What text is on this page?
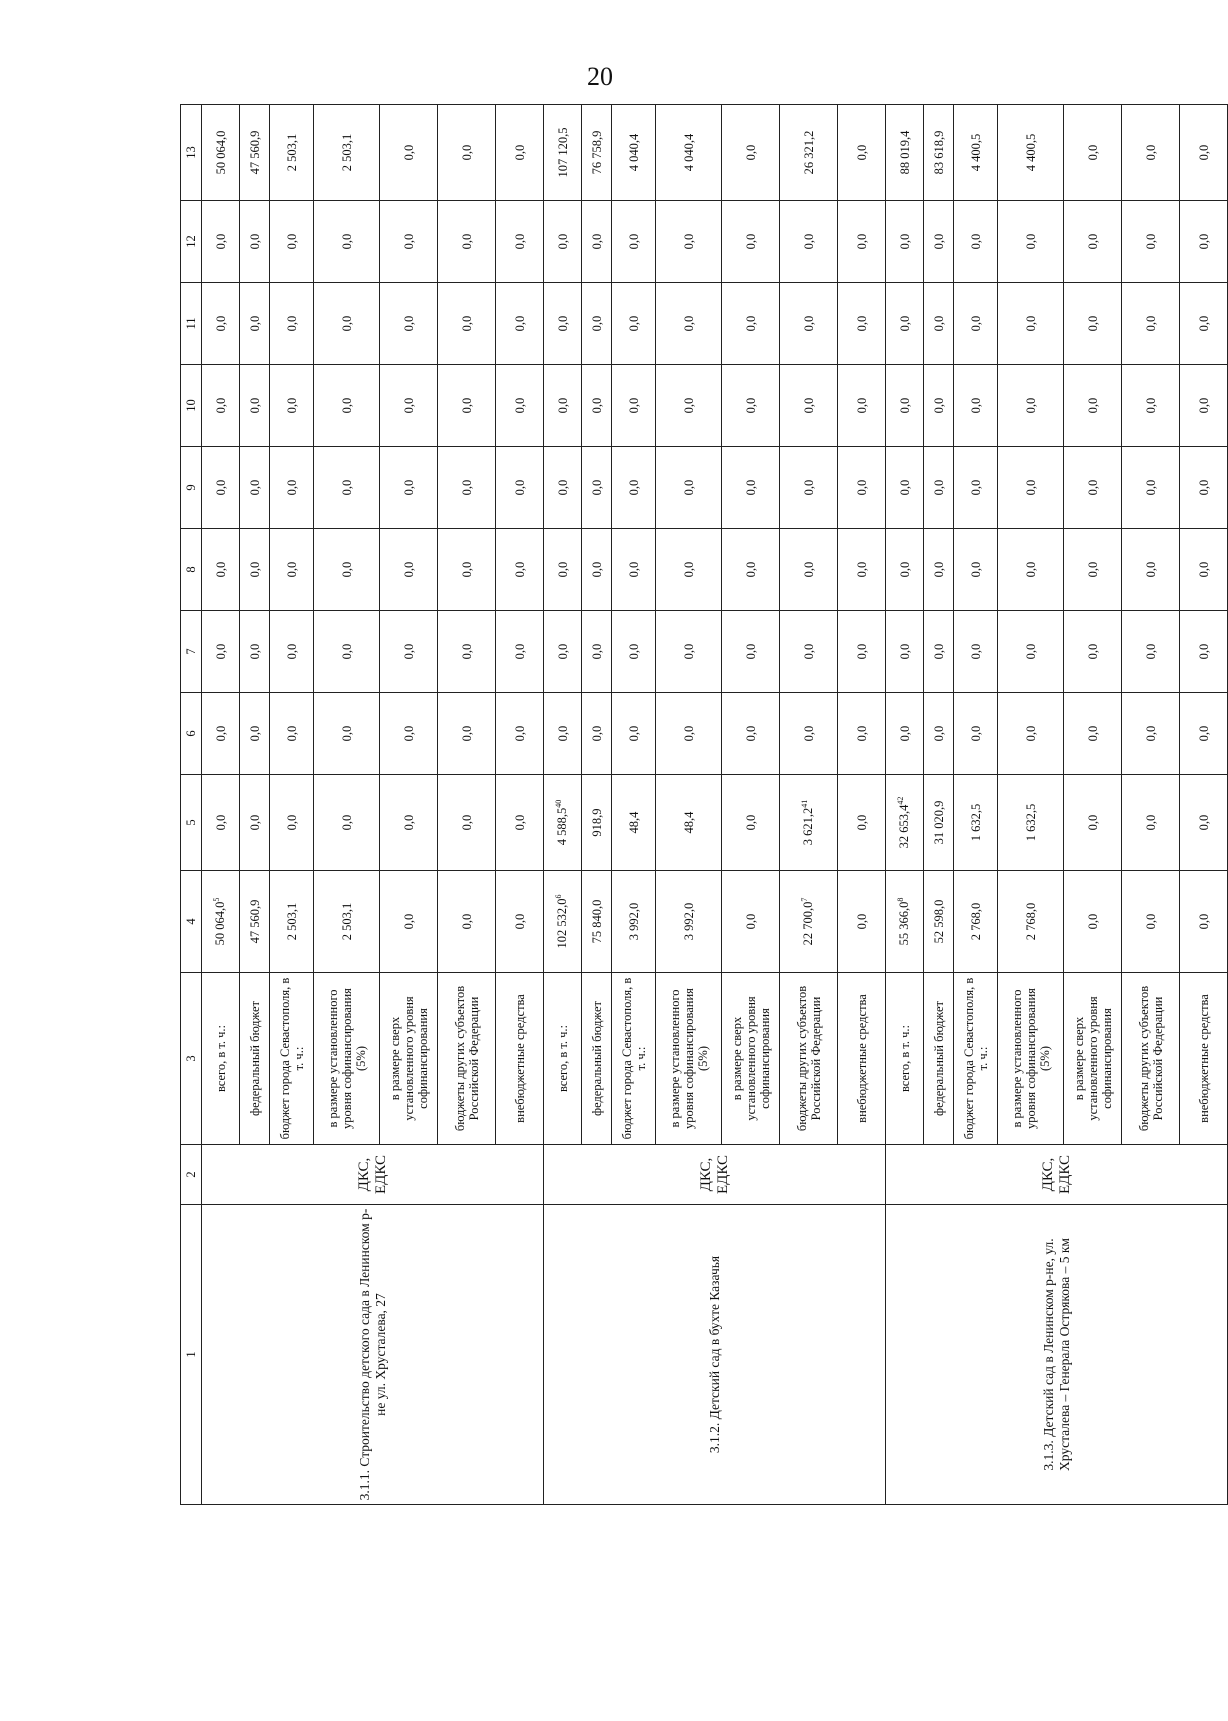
20
1	2	3	4	5	6	7	8	9	10	11	12	13
3.1.1. Строительство детского сада в Ленинском р-не ул. Хрусталева, 27	ДКС, ЕДКС	всего, в т. ч.:	50 064,0$^5$	0,0	0,0	0,0	0,0	0,0	0,0	0,0	0,0	50 064,0
		федеральный бюджет	47 560,9	0,0	0,0	0,0	0,0	0,0	0,0	0,0	0,0	47 560,9
		бюджет города Севастополя, в т. ч.:	2 503,1	0,0	0,0	0,0	0,0	0,0	0,0	0,0	0,0	2 503,1
		в размере установленного уровня софинансирования (5%)	2 503,1	0,0	0,0	0,0	0,0	0,0	0,0	0,0	0,0	2 503,1
		в размере сверх установленного уровня софинансирования	0,0	0,0	0,0	0,0	0,0	0,0	0,0	0,0	0,0	0,0
		бюджеты других субъектов Российской Федерации	0,0	0,0	0,0	0,0	0,0	0,0	0,0	0,0	0,0	0,0
		внебюджетные средства	0,0	0,0	0,0	0,0	0,0	0,0	0,0	0,0	0,0	0,0
3.1.2. Детский сад в бухте Казачья	ДКС, ЕДКС	всего, в т. ч.:	102 532,0$^6$	4 588,5$^{40}$	0,0	0,0	0,0	0,0	0,0	0,0	0,0	107 120,5
		федеральный бюджет	75 840,0	918,9	0,0	0,0	0,0	0,0	0,0	0,0	0,0	76 758,9
		бюджет города Севастополя, в т. ч.:	3 992,0	48,4	0,0	0,0	0,0	0,0	0,0	0,0	0,0	4 040,4
		в размере установленного уровня софинансирования (5%)	3 992,0	48,4	0,0	0,0	0,0	0,0	0,0	0,0	0,0	4 040,4
		в размере сверх установленного уровня софинансирования	0,0	0,0	0,0	0,0	0,0	0,0	0,0	0,0	0,0	0,0
		бюджеты других субъектов Российской Федерации	22 700,0$^7$	3 621,2$^{41}$	0,0	0,0	0,0	0,0	0,0	0,0	0,0	26 321,2
		внебюджетные средства	0,0	0,0	0,0	0,0	0,0	0,0	0,0	0,0	0,0	0,0
3.1.3. Детский сад в Ленинском р-не, ул. Хрусталева – Генерала Острякова – 5 км	ДКС, ЕДКС	всего, в т. ч.:	55 366,0$^8$	32 653,4$^{42}$	0,0	0,0	0,0	0,0	0,0	0,0	0,0	88 019,4
		федеральный бюджет	52 598,0	31 020,9	0,0	0,0	0,0	0,0	0,0	0,0	0,0	83 618,9
		бюджет города Севастополя, в т. ч.:	2 768,0	1 632,5	0,0	0,0	0,0	0,0	0,0	0,0	0,0	4 400,5
		в размере установленного уровня софинансирования (5%)	2 768,0	1 632,5	0,0	0,0	0,0	0,0	0,0	0,0	0,0	4 400,5
		в размере сверх установленного уровня софинансирования	0,0	0,0	0,0	0,0	0,0	0,0	0,0	0,0	0,0	0,0
		бюджеты других субъектов Российской Федерации	0,0	0,0	0,0	0,0	0,0	0,0	0,0	0,0	0,0	0,0
		внебюджетные средства	0,0	0,0	0,0	0,0	0,0	0,0	0,0	0,0	0,0	0,0
